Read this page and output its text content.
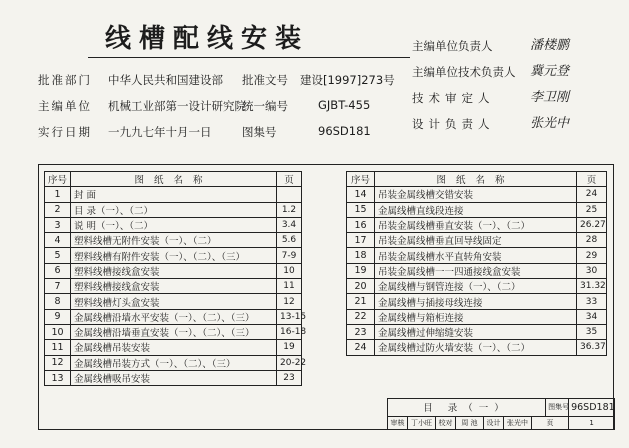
线槽配线安装
批准部门 中华人民共和国建设部 批准文号 建设[1997]273号
主编单位 机械工业部第一设计研究院
统一编号	GJBT-455
实行日期 一九九七年十月一日	图集号	96SD181
主编单位负责人	潘楼鹏
主编单位技术负责人 冀元登
技术审定人	李卫刚
设计负责人	张光中
序号	图纸名称	页
1	封 面	
2	目 录（一）、（二）	1.2
3	说 明（一）、（二）	3.4
4	塑料线槽无附件安装（一）、（二）	5.6
5	塑料线槽有附件安装（一）、（二）、（三）	7-9
6	塑料线槽接线盒安装	10
7	塑料线槽接线盒安装	11
8	塑料线槽灯头盒安装	12
9	金属线槽沿墙水平安装（一）、（二）、（三）	13-15
10	金属线槽沿墙垂直安装（一）、（二）、（三）	16-18
11	金属线槽吊装安装	19
12	金属线槽吊装方式（一）、（二）、（三）	20-22
13	金属线槽吸吊安装	23
序号	图纸名称	页
14	吊装金属线槽交错安装	24
15	金属线槽直线段连接	25
16	吊装金属线槽垂直安装（一）、（二）	26.27
17	吊装金属线槽垂直回导线固定	28
18	吊装金属线槽水平直转角安装	29
19	吊装金属线槽一一四通接线盒安装	30
20	金属线槽与钢管连接（一）、（二）	31.32
21	金属线槽与插接母线连接	33
22	金属线槽与箱柜连接	34
23	金属线槽过伸缩缝安装	35
24	金属线槽过防火墙安装（一）、（二）	36.37
目 录（一）							图集号	96SD181
审核	丁小旺	校对	周 池	设计	张光中	页		1
